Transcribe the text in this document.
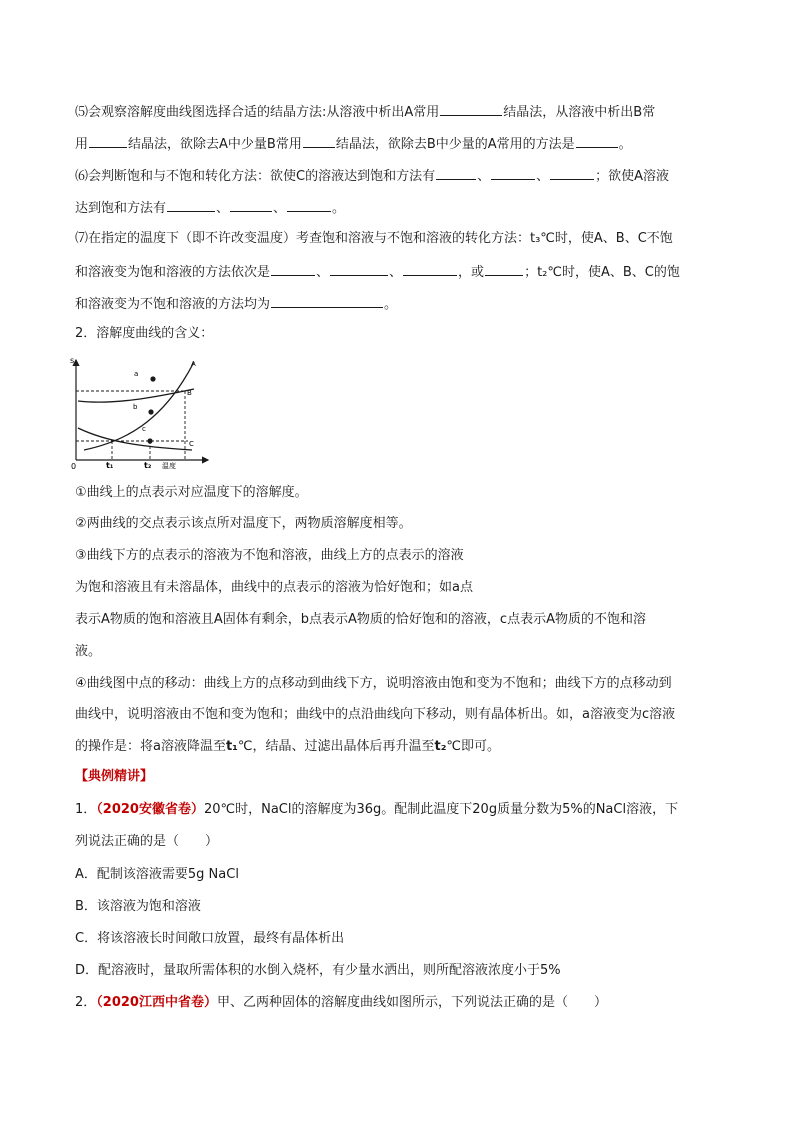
⑸会观察溶解度曲线图选择合适的结晶方法:从溶液中析出A常用	结晶法，从溶液中析出B常
用	结晶法，欲除去A中少量B常用	结晶法，欲除去B中少量的A常用的方法是	。
⑹会判断饱和与不饱和转化方法：欲使C的溶液达到饱和方法有	、	、	；欲使A溶液
达到饱和方法有	、	、	。
⑺在指定的温度下（即不许改变温度）考查饱和溶液与不饱和溶液的转化方法：t₃℃时，使A、B、C不饱
和溶液变为饱和溶液的方法依次是	、	、	，或	；t₂℃时，使A、B、C的饱
和溶液变为不饱和溶液的方法均为	。
2．溶解度曲线的含义：
s
0	温度
t₁	t₂
A
B
C
a
b
c
①曲线上的点表示对应温度下的溶解度。
②两曲线的交点表示该点所对温度下，两物质溶解度相等。
③曲线下方的点表示的溶液为不饱和溶液，曲线上方的点表示的溶液
为饱和溶液且有未溶晶体，曲线中的点表示的溶液为恰好饱和；如a点
表示A物质的饱和溶液且A固体有剩余，b点表示A物质的恰好饱和的溶液，c点表示A物质的不饱和溶
液。
④曲线图中点的移动：曲线上方的点移动到曲线下方，说明溶液由饱和变为不饱和；曲线下方的点移动到
曲线中，说明溶液由不饱和变为饱和；曲线中的点沿曲线向下移动，则有晶体析出。如，a溶液变为c溶液
的操作是：将a溶液降温至t₁℃，结晶、过滤出晶体后再升温至t₂℃即可。
【典例精讲】
1．（2020安徽省卷）20℃时，NaCl的溶解度为36g。配制此温度下20g质量分数为5%的NaCl溶液，下
列说法正确的是（　　）
A．配制该溶液需要5g NaCl
B．该溶液为饱和溶液
C．将该溶液长时间敞口放置，最终有晶体析出
D．配溶液时，量取所需体积的水倒入烧杯，有少量水洒出，则所配溶液浓度小于5%
2．（2020江西中省卷）甲、乙两种固体的溶解度曲线如图所示，下列说法正确的是（　　）
